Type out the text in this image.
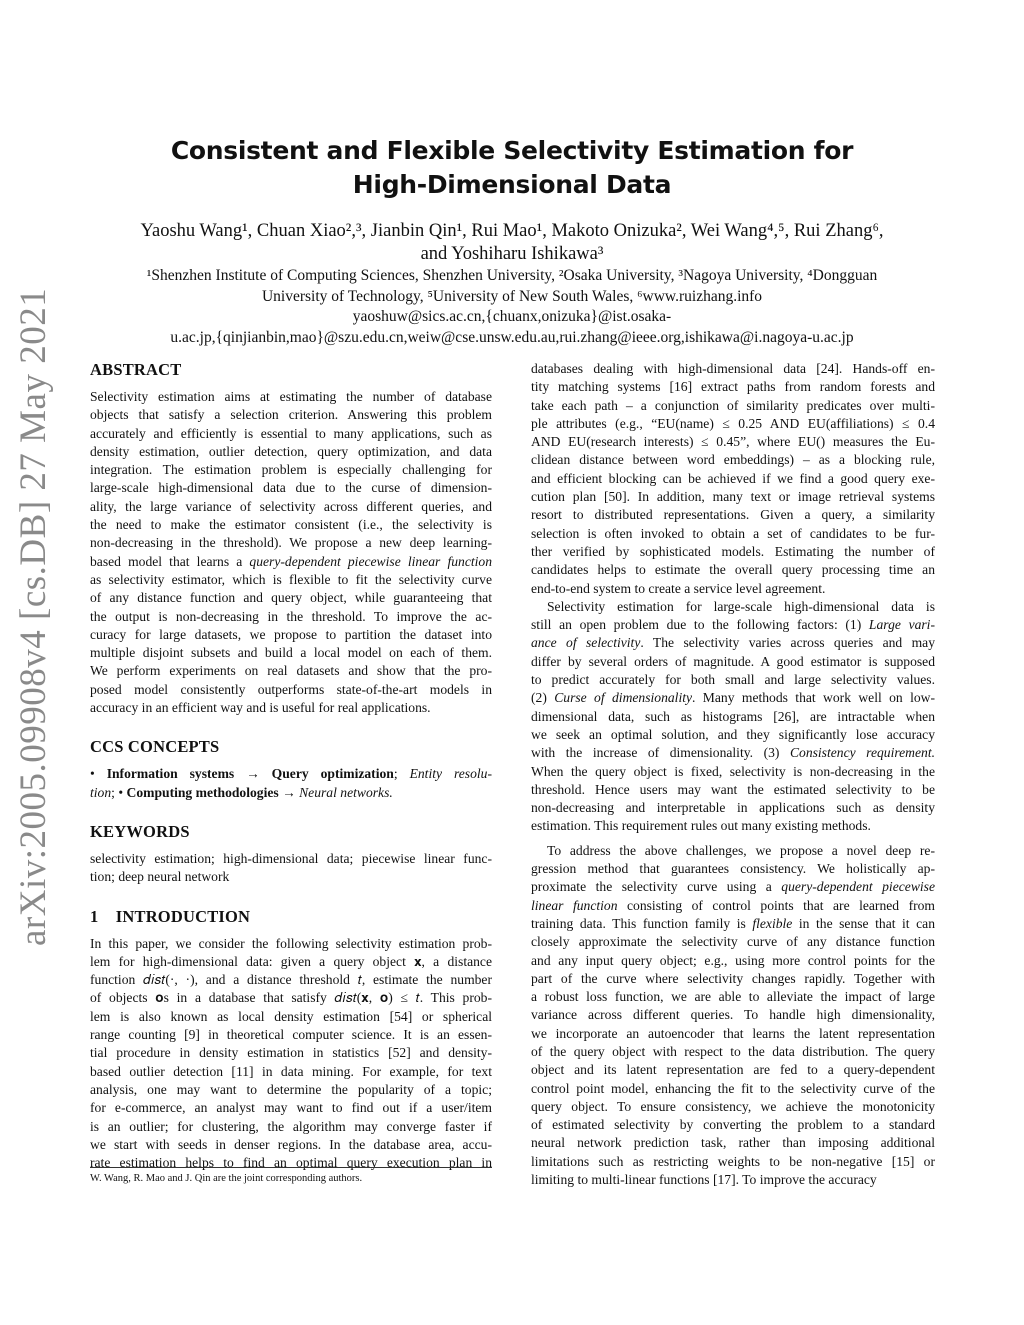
arXiv:2005.09908v4 [cs.DB] 27 May 2021
Consistent and Flexible Selectivity Estimation for
High-Dimensional Data
Yaoshu Wang¹, Chuan Xiao²,³, Jianbin Qin¹, Rui Mao¹, Makoto Onizuka², Wei Wang⁴,⁵, Rui Zhang⁶,
and Yoshiharu Ishikawa³
¹Shenzhen Institute of Computing Sciences, Shenzhen University, ²Osaka University, ³Nagoya University, ⁴Dongguan
University of Technology, ⁵University of New South Wales, ⁶www.ruizhang.info
yaoshuw@sics.ac.cn,{chuanx,onizuka}@ist.osaka-
u.ac.jp,{qinjianbin,mao}@szu.edu.cn,weiw@cse.unsw.edu.au,rui.zhang@ieee.org,ishikawa@i.nagoya-u.ac.jp
ABSTRACT
Selectivity estimation aims at estimating the number of database
objects that satisfy a selection criterion. Answering this problem
accurately and efficiently is essential to many applications, such as
density estimation, outlier detection, query optimization, and data
integration. The estimation problem is especially challenging for
large-scale high-dimensional data due to the curse of dimension-
ality, the large variance of selectivity across different queries, and
the need to make the estimator consistent (i.e., the selectivity is
non-decreasing in the threshold). We propose a new deep learning-
based model that learns a query-dependent piecewise linear function
as selectivity estimator, which is flexible to fit the selectivity curve
of any distance function and query object, while guaranteeing that
the output is non-decreasing in the threshold. To improve the ac-
curacy for large datasets, we propose to partition the dataset into
multiple disjoint subsets and build a local model on each of them.
We perform experiments on real datasets and show that the pro-
posed model consistently outperforms state-of-the-art models in
accuracy in an efficient way and is useful for real applications.
CCS CONCEPTS
• Information systems → Query optimization; Entity resolu-
tion; • Computing methodologies → Neural networks.
KEYWORDS
selectivity estimation; high-dimensional data; piecewise linear func-
tion; deep neural network
1    INTRODUCTION
In this paper, we consider the following selectivity estimation prob-
lem for high-dimensional data: given a query object 𝐱, a distance
function 𝑑𝑖𝑠𝑡(·, ·), and a distance threshold 𝑡, estimate the number
of objects 𝐨s in a database that satisfy 𝑑𝑖𝑠𝑡(𝐱, 𝐨) ≤ 𝑡. This prob-
lem is also known as local density estimation [54] or spherical
range counting [9] in theoretical computer science. It is an essen-
tial procedure in density estimation in statistics [52] and density-
based outlier detection [11] in data mining. For example, for text
analysis, one may want to determine the popularity of a topic;
for e-commerce, an analyst may want to find out if a user/item
is an outlier; for clustering, the algorithm may converge faster if
we start with seeds in denser regions. In the database area, accu-
rate estimation helps to find an optimal query execution plan in
W. Wang, R. Mao and J. Qin are the joint corresponding authors.
databases dealing with high-dimensional data [24]. Hands-off en-
tity matching systems [16] extract paths from random forests and
take each path – a conjunction of similarity predicates over multi-
ple attributes (e.g., “EU(name) ≤ 0.25 AND EU(affiliations) ≤ 0.4
AND EU(research interests) ≤ 0.45”, where EU() measures the Eu-
clidean distance between word embeddings) – as a blocking rule,
and efficient blocking can be achieved if we find a good query exe-
cution plan [50]. In addition, many text or image retrieval systems
resort to distributed representations. Given a query, a similarity
selection is often invoked to obtain a set of candidates to be fur-
ther verified by sophisticated models. Estimating the number of
candidates helps to estimate the overall query processing time an
end-to-end system to create a service level agreement.
Selectivity estimation for large-scale high-dimensional data is
still an open problem due to the following factors: (1) Large vari-
ance of selectivity. The selectivity varies across queries and may
differ by several orders of magnitude. A good estimator is supposed
to predict accurately for both small and large selectivity values.
(2) Curse of dimensionality. Many methods that work well on low-
dimensional data, such as histograms [26], are intractable when
we seek an optimal solution, and they significantly lose accuracy
with the increase of dimensionality. (3) Consistency requirement.
When the query object is fixed, selectivity is non-decreasing in the
threshold. Hence users may want the estimated selectivity to be
non-decreasing and interpretable in applications such as density
estimation. This requirement rules out many existing methods.
To address the above challenges, we propose a novel deep re-
gression method that guarantees consistency. We holistically ap-
proximate the selectivity curve using a query-dependent piecewise
linear function consisting of control points that are learned from
training data. This function family is flexible in the sense that it can
closely approximate the selectivity curve of any distance function
and any input query object; e.g., using more control points for the
part of the curve where selectivity changes rapidly. Together with
a robust loss function, we are able to alleviate the impact of large
variance across different queries. To handle high dimensionality,
we incorporate an autoencoder that learns the latent representation
of the query object with respect to the data distribution. The query
object and its latent representation are fed to a query-dependent
control point model, enhancing the fit to the selectivity curve of the
query object. To ensure consistency, we achieve the monotonicity
of estimated selectivity by converting the problem to a standard
neural network prediction task, rather than imposing additional
limitations such as restricting weights to be non-negative [15] or
limiting to multi-linear functions [17]. To improve the accuracy
